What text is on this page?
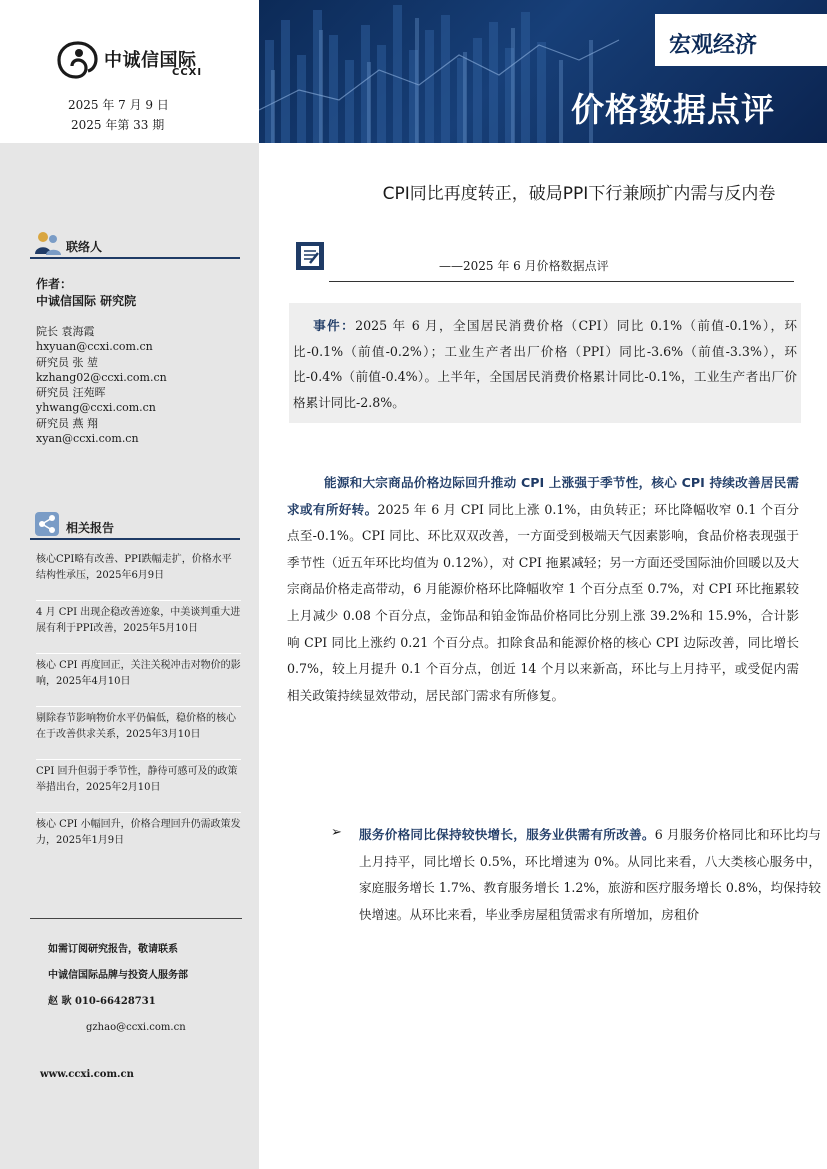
中诚信国际
CCXI
2025 年 7 月 9 日
2025 年第 33 期
宏观经济
价格数据点评
联络人
作者：
中诚信国际 研究院
院长 袁海霞
hxyuan@ccxi.com.cn
研究员 张 堃
kzhang02@ccxi.com.cn
研究员 汪苑晖
yhwang@ccxi.com.cn
研究员 燕 翔
xyan@ccxi.com.cn
相关报告
核心CPI略有改善、PPI跌幅走扩，价格水平结构性承压，2025年6月9日
4 月 CPI 出现企稳改善迹象，中美谈判重大进展有利于PPI改善，2025年5月10日
核心 CPI 再度回正，关注关税冲击对物价的影响，2025年4月10日
剔除春节影响物价水平仍偏低，稳价格的核心在于改善供求关系，2025年3月10日
CPI 回升但弱于季节性，静待可感可及的政策举措出台，2025年2月10日
核心 CPI 小幅回升，价格合理回升仍需政策发力，2025年1月9日
如需订阅研究报告，敬请联系
中诚信国际品牌与投资人服务部
赵 耿 010-66428731
gzhao@ccxi.com.cn
www.ccxi.com.cn
CPI同比再度转正，破局PPI下行兼顾扩内需与反内卷
——2025 年 6 月价格数据点评

  事件：2025 年 6 月，全国居民消费价格（CPI）同比 0.1%（前值-0.1%），环比-0.1%（前值-0.2%）；工业生产者出厂价格（PPI）同比-3.6%（前值-3.3%），环比-0.4%（前值-0.4%）。上半年，全国居民消费价格累计同比-0.1%，工业生产者出厂价格累计同比-2.8%。

能源和大宗商品价格边际回升推动 CPI 上涨强于季节性，核心 CPI 持续改善居民需求或有所好转。2025 年 6 月 CPI 同比上涨 0.1%，由负转正；环比降幅收窄 0.1 个百分点至-0.1%。CPI 同比、环比双双改善，一方面受到极端天气因素影响，食品价格表现强于季节性（近五年环比均值为 0.12%），对 CPI 拖累减轻；另一方面还受国际油价回暖以及大宗商品价格走高带动，6 月能源价格环比降幅收窄 1 个百分点至 0.7%，对 CPI 环比拖累较上月减少 0.08 个百分点，金饰品和铂金饰品价格同比分别上涨 39.2%和 15.9%，合计影响 CPI 同比上涨约 0.21 个百分点。扣除食品和能源价格的核心 CPI 边际改善，同比增长 0.7%，较上月提升 0.1 个百分点，创近 14 个月以来新高，环比与上月持平，或受促内需相关政策持续显效带动，居民部门需求有所修复。

➢	服务价格同比保持较快增长，服务业供需有所改善。6 月服务价格同比和环比均与上月持平，同比增长 0.5%，环比增速为 0%。从同比来看，八大类核心服务中，家庭服务增长 1.7%、教育服务增长 1.2%，旅游和医疗服务增长 0.8%，均保持较快增速。从环比来看，毕业季房屋租赁需求有所增加，房租价
